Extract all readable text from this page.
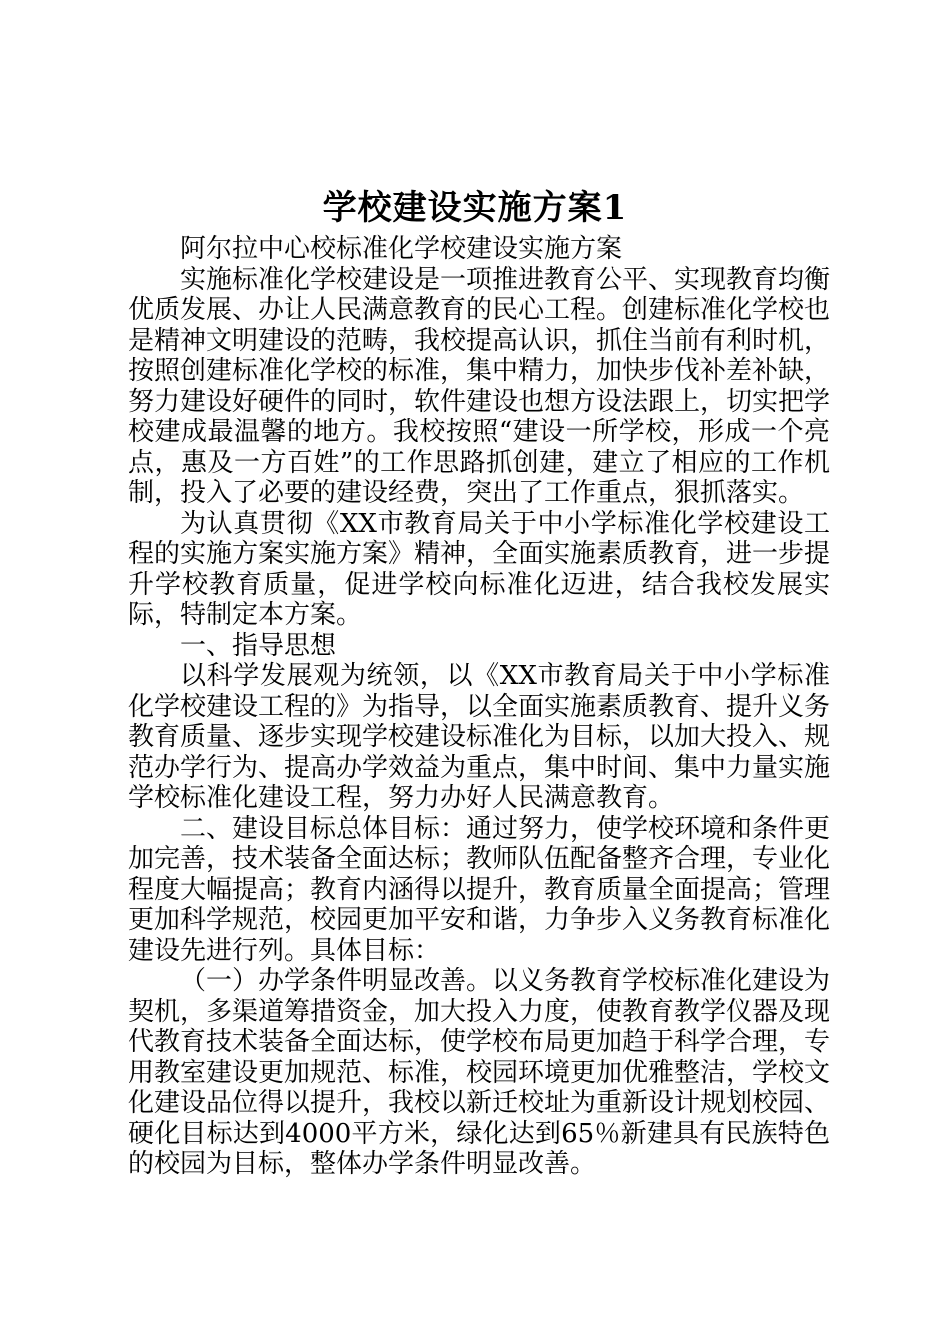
学校建设实施方案1

阿尔拉中心校标准化学校建设实施方案

实施标准化学校建设是一项推进教育公平、实现教育均衡优质发展、办让人民满意教育的民心工程。创建标准化学校也是精神文明建设的范畴，我校提高认识，抓住当前有利时机，按照创建标准化学校的标准，集中精力，加快步伐补差补缺，努力建设好硬件的同时，软件建设也想方设法跟上，切实把学校建成最温馨的地方。我校按照“建设一所学校，形成一个亮点，惠及一方百姓”的工作思路抓创建，建立了相应的工作机制，投入了必要的建设经费，突出了工作重点，狠抓落实。

为认真贯彻《XX市教育局关于中小学标准化学校建设工程的实施方案实施方案》精神，全面实施素质教育，进一步提升学校教育质量，促进学校向标准化迈进，结合我校发展实际，特制定本方案。

一、指导思想

以科学发展观为统领，以《XX市教育局关于中小学标准化学校建设工程的》为指导，以全面实施素质教育、提升义务教育质量、逐步实现学校建设标准化为目标，以加大投入、规范办学行为、提高办学效益为重点，集中时间、集中力量实施学校标准化建设工程，努力办好人民满意教育。

二、建设目标总体目标：通过努力，使学校环境和条件更加完善，技术装备全面达标；教师队伍配备整齐合理，专业化程度大幅提高；教育内涵得以提升，教育质量全面提高；管理更加科学规范，校园更加平安和谐，力争步入义务教育标准化建设先进行列。具体目标：

（一）办学条件明显改善。以义务教育学校标准化建设为契机，多渠道筹措资金，加大投入力度，使教育教学仪器及现代教育技术装备全面达标，使学校布局更加趋于科学合理，专用教室建设更加规范、标准，校园环境更加优雅整洁，学校文化建设品位得以提升，我校以新迁校址为重新设计规划校园、硬化目标达到4000平方米，绿化达到65％新建具有民族特色的校园为目标，整体办学条件明显改善。
